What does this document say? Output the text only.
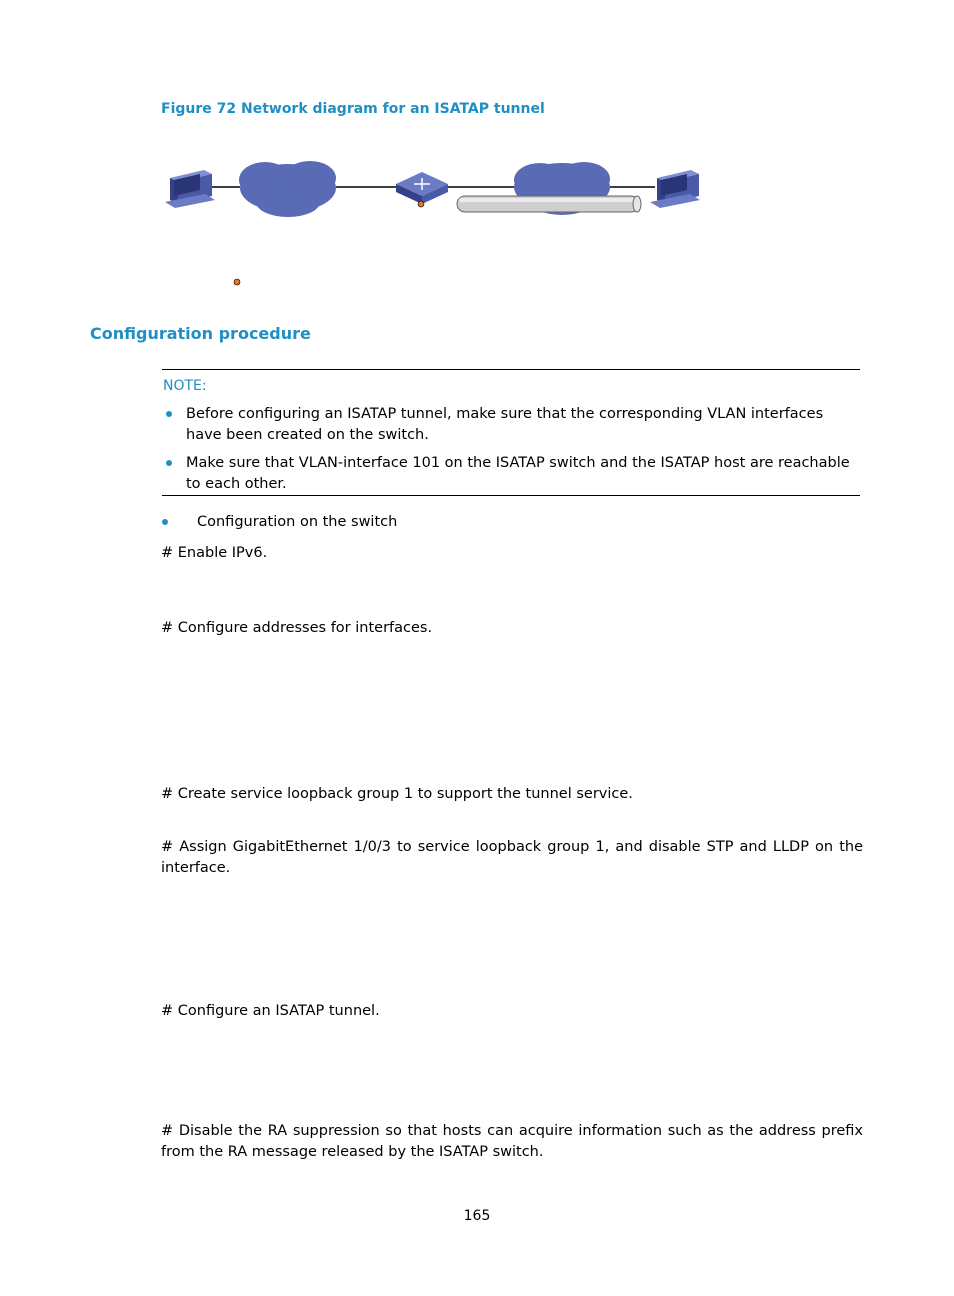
Figure 72 Network diagram for an ISATAP tunnel
Configuration procedure
NOTE:
Before configuring an ISATAP tunnel, make sure that the corresponding VLAN interfaces have been created on the switch.
Make sure that VLAN-interface 101 on the ISATAP switch and the ISATAP host are reachable to each other.
Configuration on the switch
# Enable IPv6.
# Configure addresses for interfaces.
# Create service loopback group 1 to support the tunnel service.
# Assign GigabitEthernet 1/0/3 to service loopback group 1, and disable STP and LLDP on the interface.
# Configure an ISATAP tunnel.
# Disable the RA suppression so that hosts can acquire information such as the address prefix from the RA message released by the ISATAP switch.
165
